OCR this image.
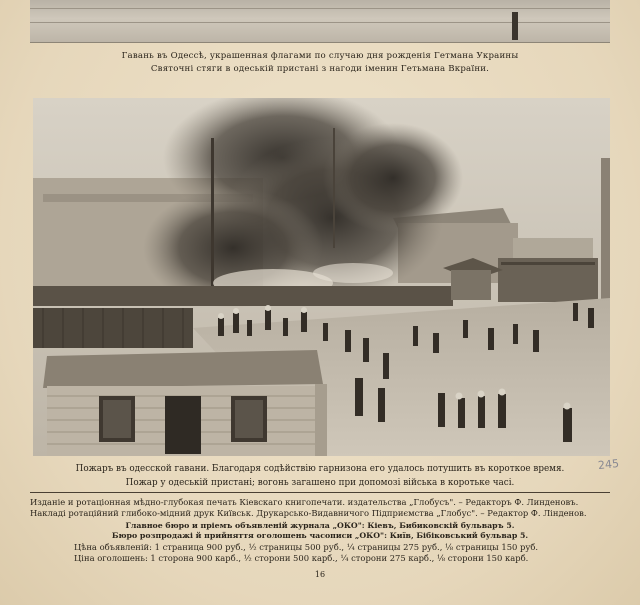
Гавань въ Одессѣ, украшенная флагами по случаю дня рожденія Гетмана Украины
Святочні стяги в одеській пристані з нагоди іменин Гетьмана Вкраїни.
Пожаръ въ одесской гавани. Благодаря содѣйствію гарнизона его удалось потушить въ короткое время.
Пожар у одеській пристані; вогонь загашено при допомозі військa в коротьке часі.
245
Изданіе и ротаціонная мѣдно-глубокая печать Кіевскаго книгопечати. издательства „Глобусъ". – Редакторъ Ф. Линденовъ.
Накладі ротаційний глибоко-мідний друк Київськ. Друкарсько-Видавничого Підприємства „Глобус". – Редактор Ф. Лінденов.
Главное бюро и пріемъ объявленій журнала „ОКО": Кіевъ, Бибиковскій бульваръ 5.
Бюро розпродажі й прийняття оголошень часописи „ОКО": Київ, Бібіковський бульвар 5.
Цѣна объявленій: 1 страница 900 руб., ½ страницы 500 руб., ¼ страницы 275 руб., ⅛ страницы 150 руб.
Ціна оголошень: 1 сторона 900 карб., ½ сторони 500 карб., ¼ сторони 275 карб., ⅛ сторони 150 карб.
16
